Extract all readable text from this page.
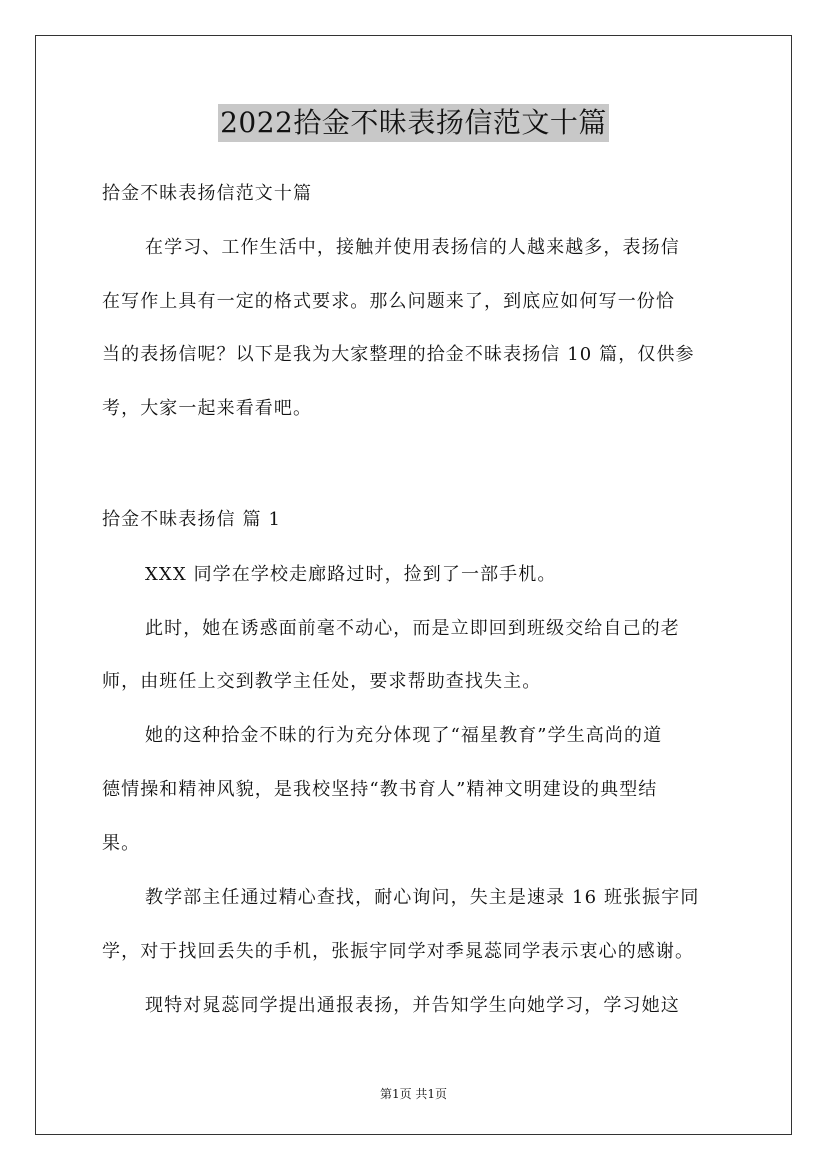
2022拾金不昧表扬信范文十篇
拾金不昧表扬信范文十篇
在学习、工作生活中，接触并使用表扬信的人越来越多，表扬信
在写作上具有一定的格式要求。那么问题来了，到底应如何写一份恰
当的表扬信呢？以下是我为大家整理的拾金不昧表扬信 10 篇，仅供参
考，大家一起来看看吧。
拾金不昧表扬信 篇 1
XXX 同学在学校走廊路过时，捡到了一部手机。
此时，她在诱惑面前毫不动心，而是立即回到班级交给自己的老
师，由班任上交到教学主任处，要求帮助查找失主。
她的这种拾金不昧的行为充分体现了“福星教育”学生高尚的道
德情操和精神风貌，是我校坚持“教书育人”精神文明建设的典型结
果。
教学部主任通过精心查找，耐心询问，失主是速录 16 班张振宇同
学，对于找回丢失的手机，张振宇同学对季晁蕊同学表示衷心的感谢。
现特对晁蕊同学提出通报表扬，并告知学生向她学习，学习她这
第1页 共1页
